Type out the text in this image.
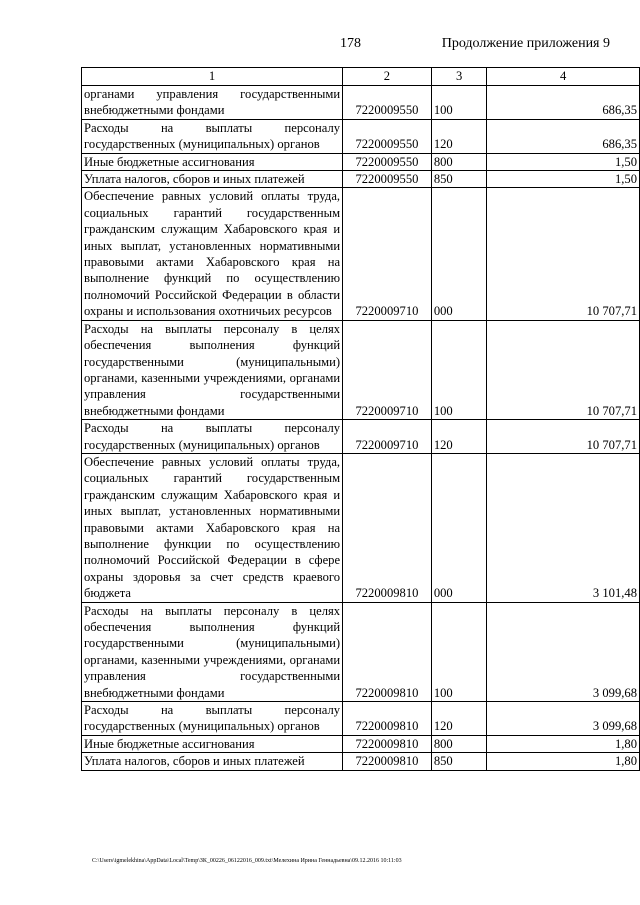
178	Продолжение приложения 9
1	2	3	4
органами управления государственными внебюджетными фондами	7220009550	100	686,35
Расходы на выплаты персоналу государственных (муниципальных) органов	7220009550	120	686,35
Иные бюджетные ассигнования	7220009550	800	1,50
Уплата налогов, сборов и иных платежей	7220009550	850	1,50
Обеспечение равных условий оплаты труда, социальных гарантий государственным гражданским служащим Хабаровского края и иных выплат, установленных нормативными правовыми актами Хабаровского края на выполнение функций по осуществлению полномочий Российской Федерации в области охраны и использования охотничьих ресурсов	7220009710	000	10 707,71
Расходы на выплаты персоналу в целях обеспечения выполнения функций государственными (муниципальными) органами, казенными учреждениями, органами управления государственными внебюджетными фондами	7220009710	100	10 707,71
Расходы на выплаты персоналу государственных (муниципальных) органов	7220009710	120	10 707,71
Обеспечение равных условий оплаты труда, социальных гарантий государственным гражданским служащим Хабаровского края и иных выплат, установленных нормативными правовыми актами Хабаровского края на выполнение функции по осуществлению полномочий Российской Федерации в сфере охраны здоровья за счет средств краевого бюджета	7220009810	000	3 101,48
Расходы на выплаты персоналу в целях обеспечения выполнения функций государственными (муниципальными) органами, казенными учреждениями, органами управления государственными внебюджетными фондами	7220009810	100	3 099,68
Расходы на выплаты персоналу государственных (муниципальных) органов	7220009810	120	3 099,68
Иные бюджетные ассигнования	7220009810	800	1,80
Уплата налогов, сборов и иных платежей	7220009810	850	1,80
C:\Users\igmelekhina\AppData\Local\Temp\ЗК_00226_06122016_009.txt\Мелехина Ирина Геннадьевна\09.12.2016 10:11:03
